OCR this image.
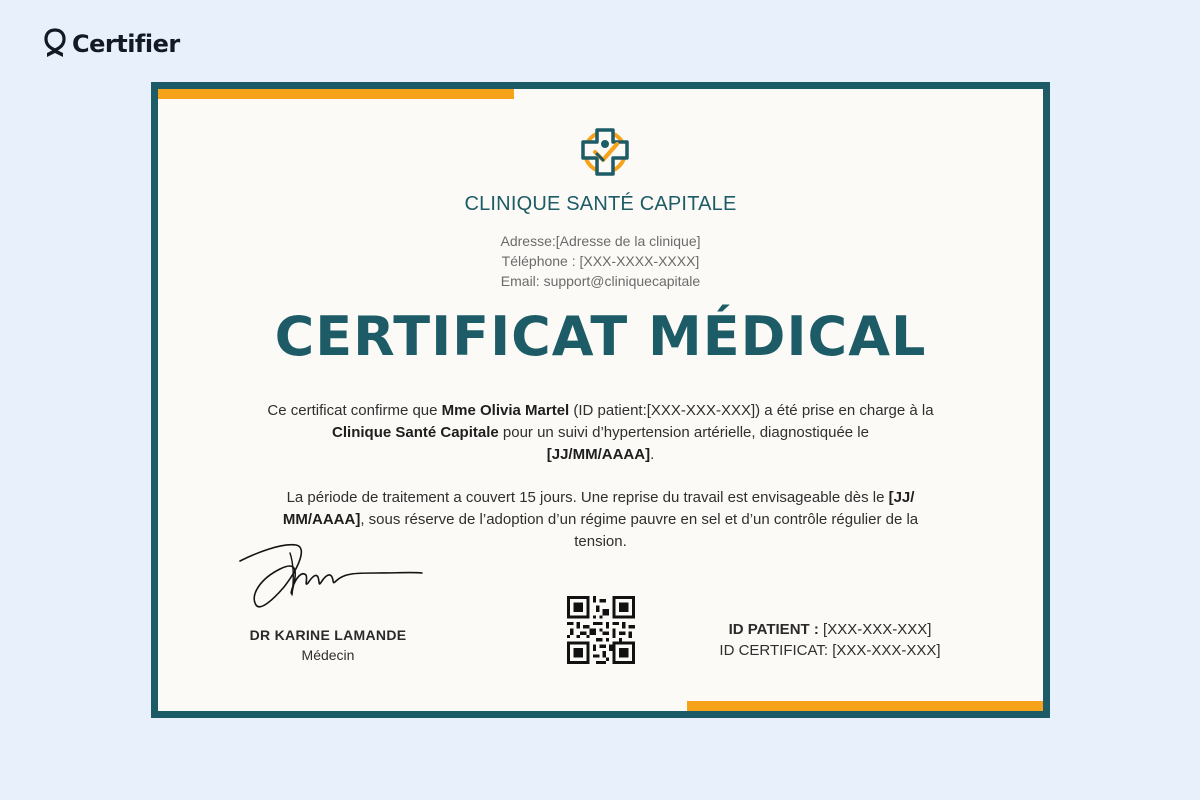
Certifier
CLINIQUE SANTÉ CAPITALE
Adresse:[Adresse de la clinique]
Téléphone : [XXX-XXXX-XXXX]
Email: support@cliniquecapitale
CERTIFICAT MÉDICAL

Ce certificat confirme que Mme Olivia Martel (ID patient:[XXX-XXX-XXX]) a été prise en charge à la Clinique Santé Capitale pour un suivi d’hypertension artérielle, diagnostiquée le
[JJ/MM/AAAA].

La période de traitement a couvert 15 jours. Une reprise du travail est envisageable dès le [JJ/ MM/AAAA], sous réserve de l’adoption d’un régime pauvre en sel et d’un contrôle régulier de la tension.

DR KARINE LAMANDE
Médecin
ID PATIENT : [XXX-XXX-XXX]
ID CERTIFICAT: [XXX-XXX-XXX]
